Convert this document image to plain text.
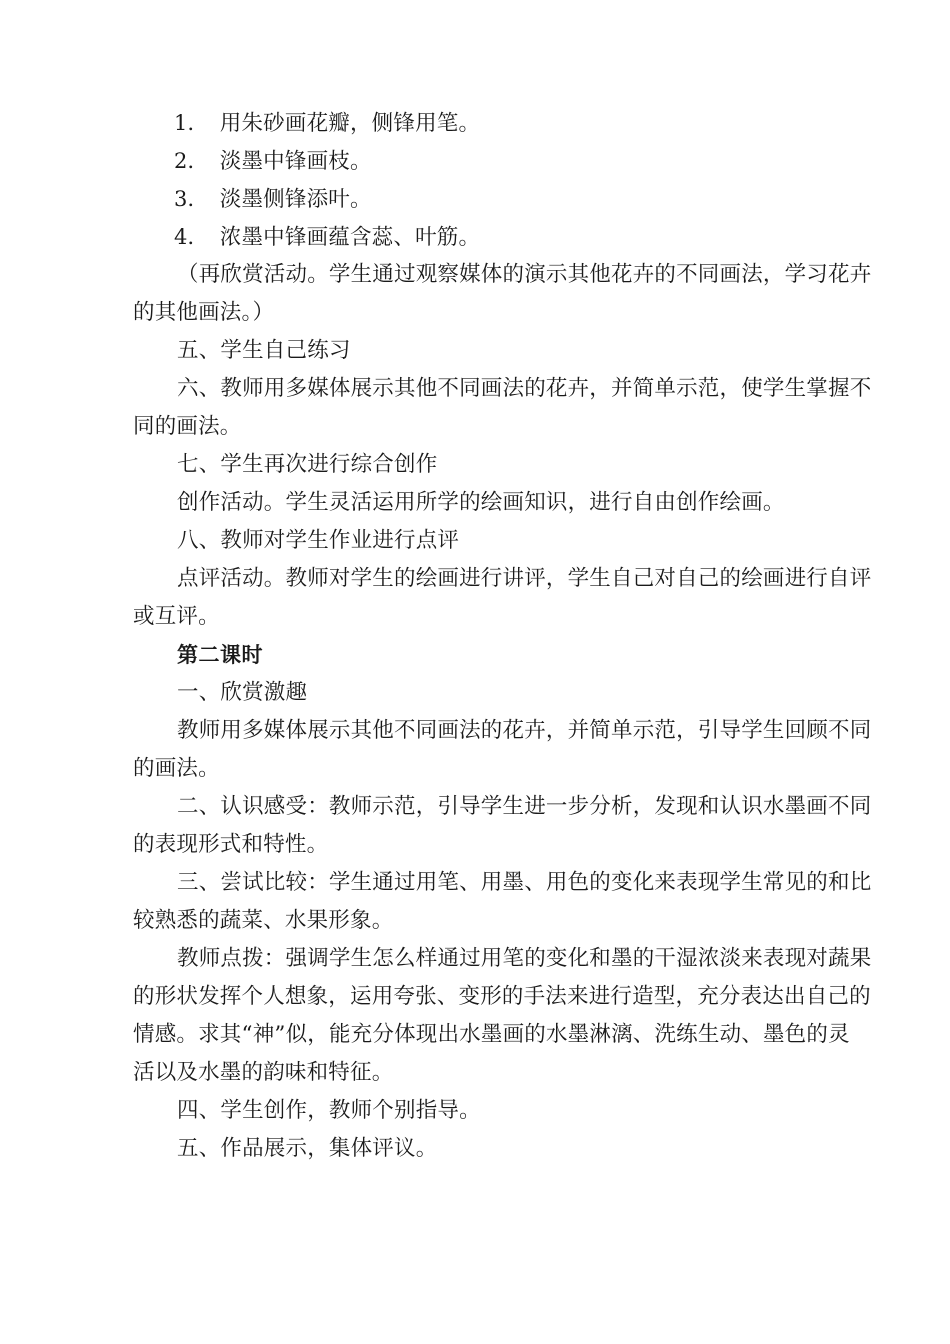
1． 用朱砂画花瓣，侧锋用笔。
2． 淡墨中锋画枝。
3． 淡墨侧锋添叶。
4． 浓墨中锋画蕴含蕊、叶筋。
（再欣赏活动。学生通过观察媒体的演示其他花卉的不同画法，学习花卉
的其他画法。）
五、学生自己练习
六、教师用多媒体展示其他不同画法的花卉，并简单示范，使学生掌握不
同的画法。
七、学生再次进行综合创作
创作活动。学生灵活运用所学的绘画知识，进行自由创作绘画。
八、教师对学生作业进行点评
点评活动。教师对学生的绘画进行讲评，学生自己对自己的绘画进行自评
或互评。
第二课时
一、欣赏激趣
教师用多媒体展示其他不同画法的花卉，并简单示范，引导学生回顾不同
的画法。
二、认识感受：教师示范，引导学生进一步分析，发现和认识水墨画不同
的表现形式和特性。
三、尝试比较：学生通过用笔、用墨、用色的变化来表现学生常见的和比
较熟悉的蔬菜、水果形象。
教师点拨：强调学生怎么样通过用笔的变化和墨的干湿浓淡来表现对蔬果
的形状发挥个人想象，运用夸张、变形的手法来进行造型，充分表达出自己的
情感。求其“神”似，能充分体现出水墨画的水墨淋漓、洗练生动、墨色的灵
活以及水墨的韵味和特征。
四、学生创作，教师个别指导。
五、作品展示，集体评议。
